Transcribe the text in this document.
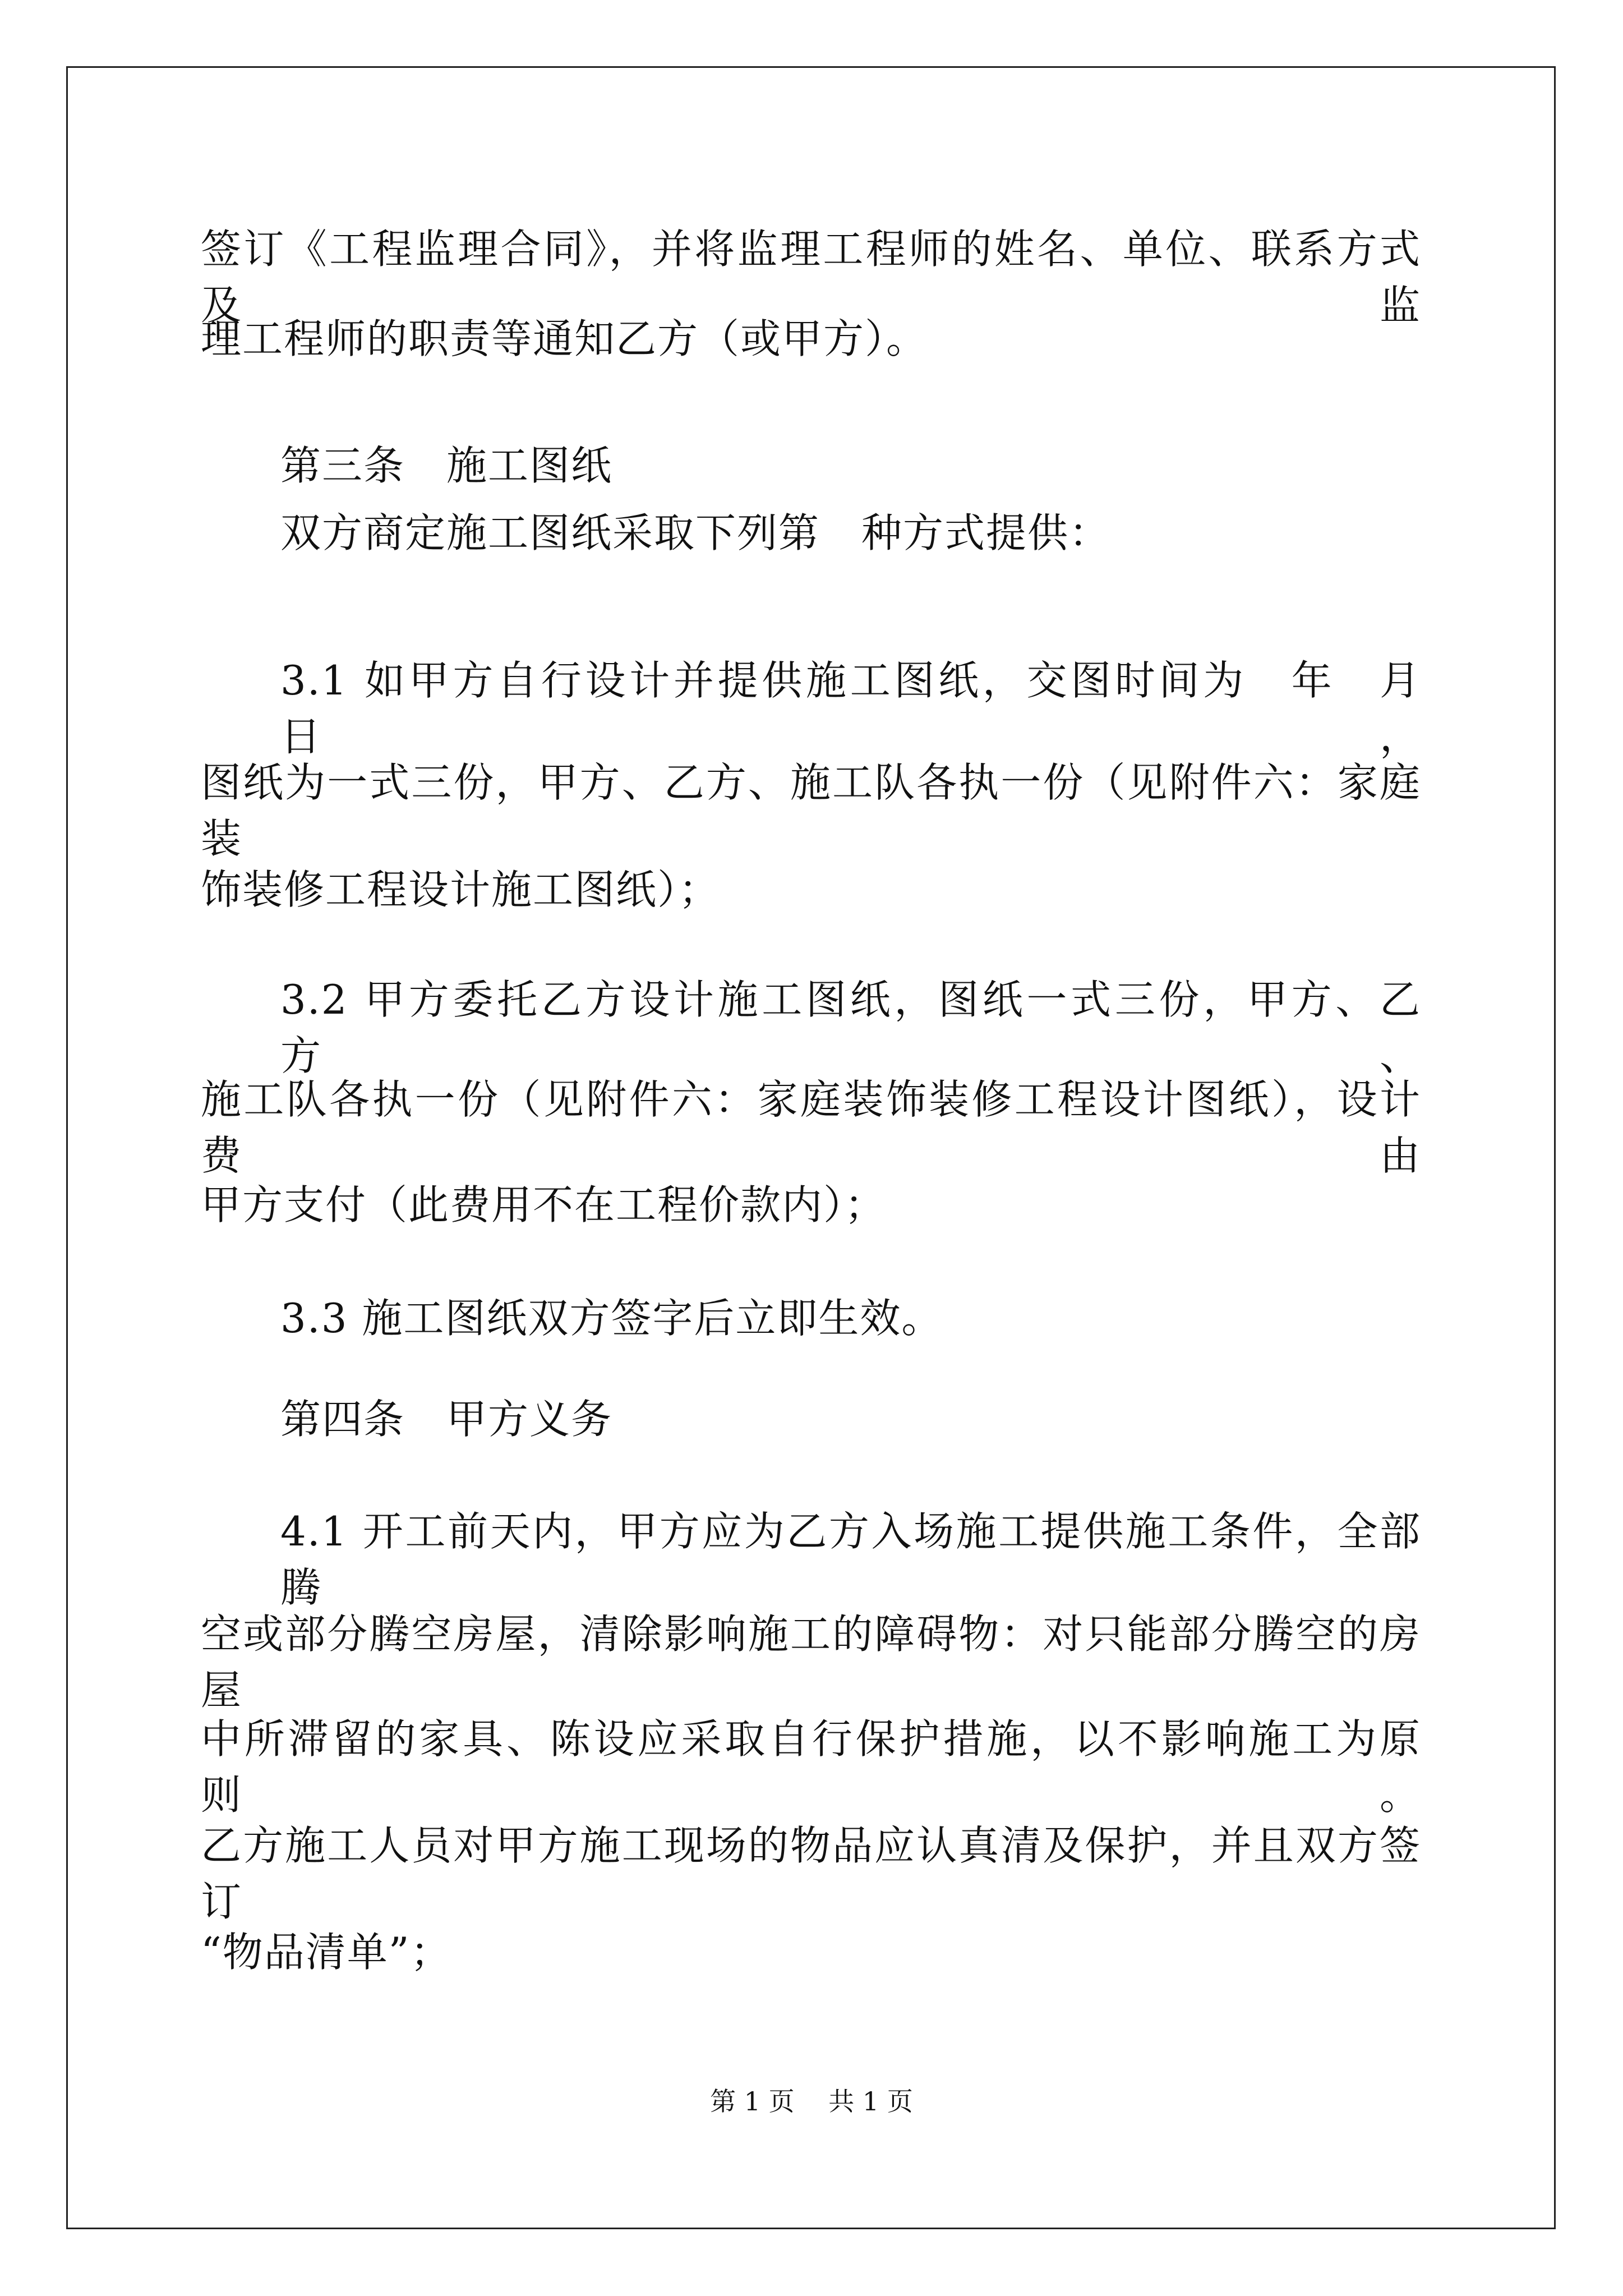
签订《工程监理合同》，并将监理工程师的姓名、单位、联系方式及监
理工程师的职责等通知乙方（或甲方）。
第三条　施工图纸
双方商定施工图纸采取下列第　种方式提供：
3.1 如甲方自行设计并提供施工图纸，交图时间为　年　月　日，
图纸为一式三份，甲方、乙方、施工队各执一份（见附件六：家庭装
饰装修工程设计施工图纸）；
3.2 甲方委托乙方设计施工图纸，图纸一式三份，甲方、乙方、
施工队各执一份（见附件六：家庭装饰装修工程设计图纸），设计费由
甲方支付（此费用不在工程价款内）；
3.3 施工图纸双方签字后立即生效。
第四条　甲方义务
4.1 开工前天内，甲方应为乙方入场施工提供施工条件，全部腾
空或部分腾空房屋，清除影响施工的障碍物：对只能部分腾空的房屋
中所滞留的家具、陈设应采取自行保护措施，以不影响施工为原则。
乙方施工人员对甲方施工现场的物品应认真清及保护，并且双方签订
“物品清单”；
第 1 页　 共 1 页
